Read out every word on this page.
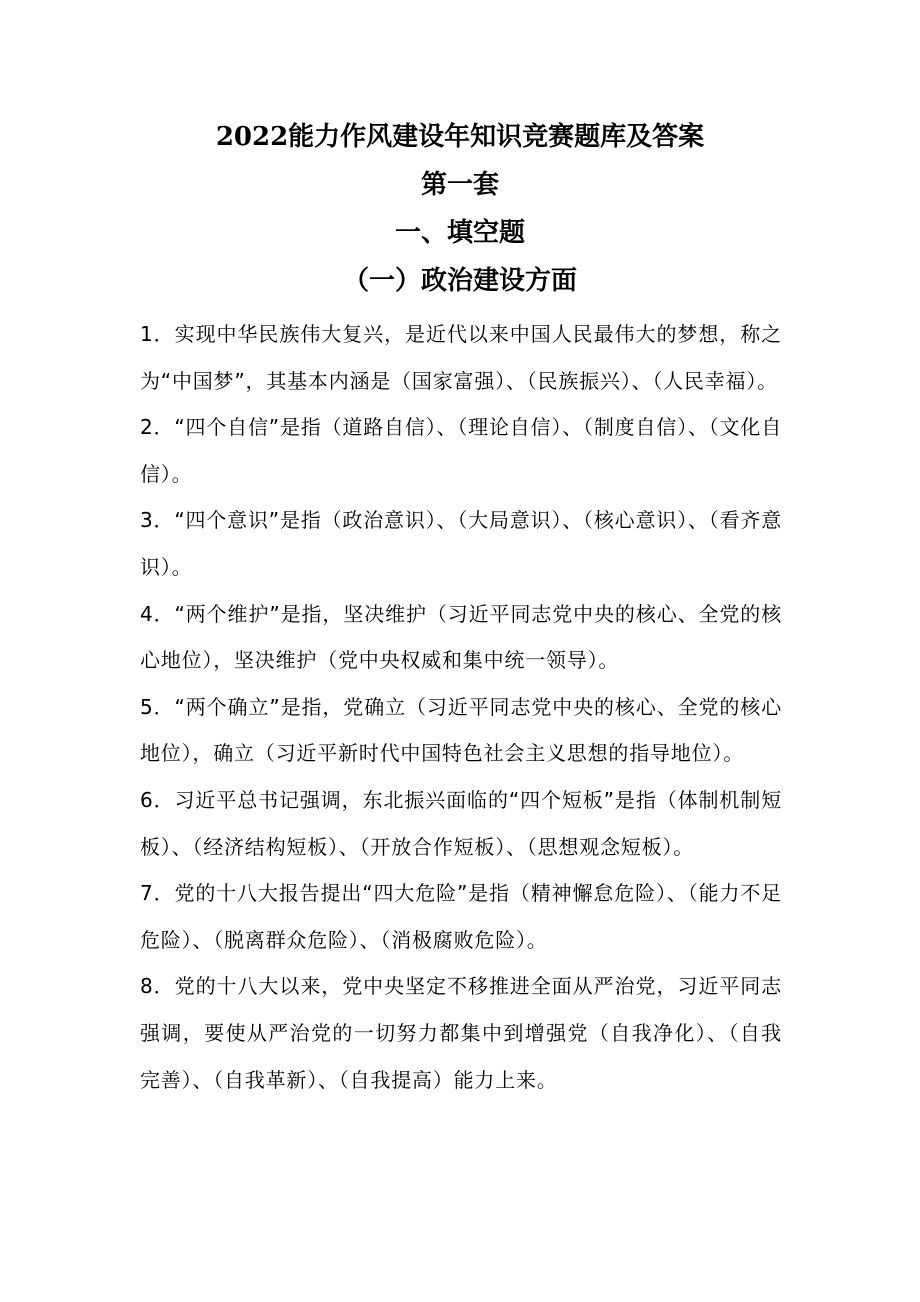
2022能力作风建设年知识竞赛题库及答案
第一套
一、填空题
（一）政治建设方面

1．实现中华民族伟大复兴，是近代以来中国人民最伟大的梦想，称之为“中国梦”，其基本内涵是（国家富强）、（民族振兴）、（人民幸福）。

2．“四个自信”是指（道路自信）、（理论自信）、（制度自信）、（文化自信）。

3．“四个意识”是指（政治意识）、（大局意识）、（核心意识）、（看齐意识）。

4．“两个维护”是指，坚决维护（习近平同志党中央的核心、全党的核心地位），坚决维护（党中央权威和集中统一领导）。

5．“两个确立”是指，党确立（习近平同志党中央的核心、全党的核心地位），确立（习近平新时代中国特色社会主义思想的指导地位）。

6．习近平总书记强调，东北振兴面临的“四个短板”是指（体制机制短板）、（经济结构短板）、（开放合作短板）、（思想观念短板）。

7．党的十八大报告提出“四大危险”是指（精神懈怠危险）、（能力不足危险）、（脱离群众危险）、（消极腐败危险）。

8．党的十八大以来，党中央坚定不移推进全面从严治党，习近平同志强调，要使从严治党的一切努力都集中到增强党（自我净化）、（自我完善）、（自我革新）、（自我提高）能力上来。
